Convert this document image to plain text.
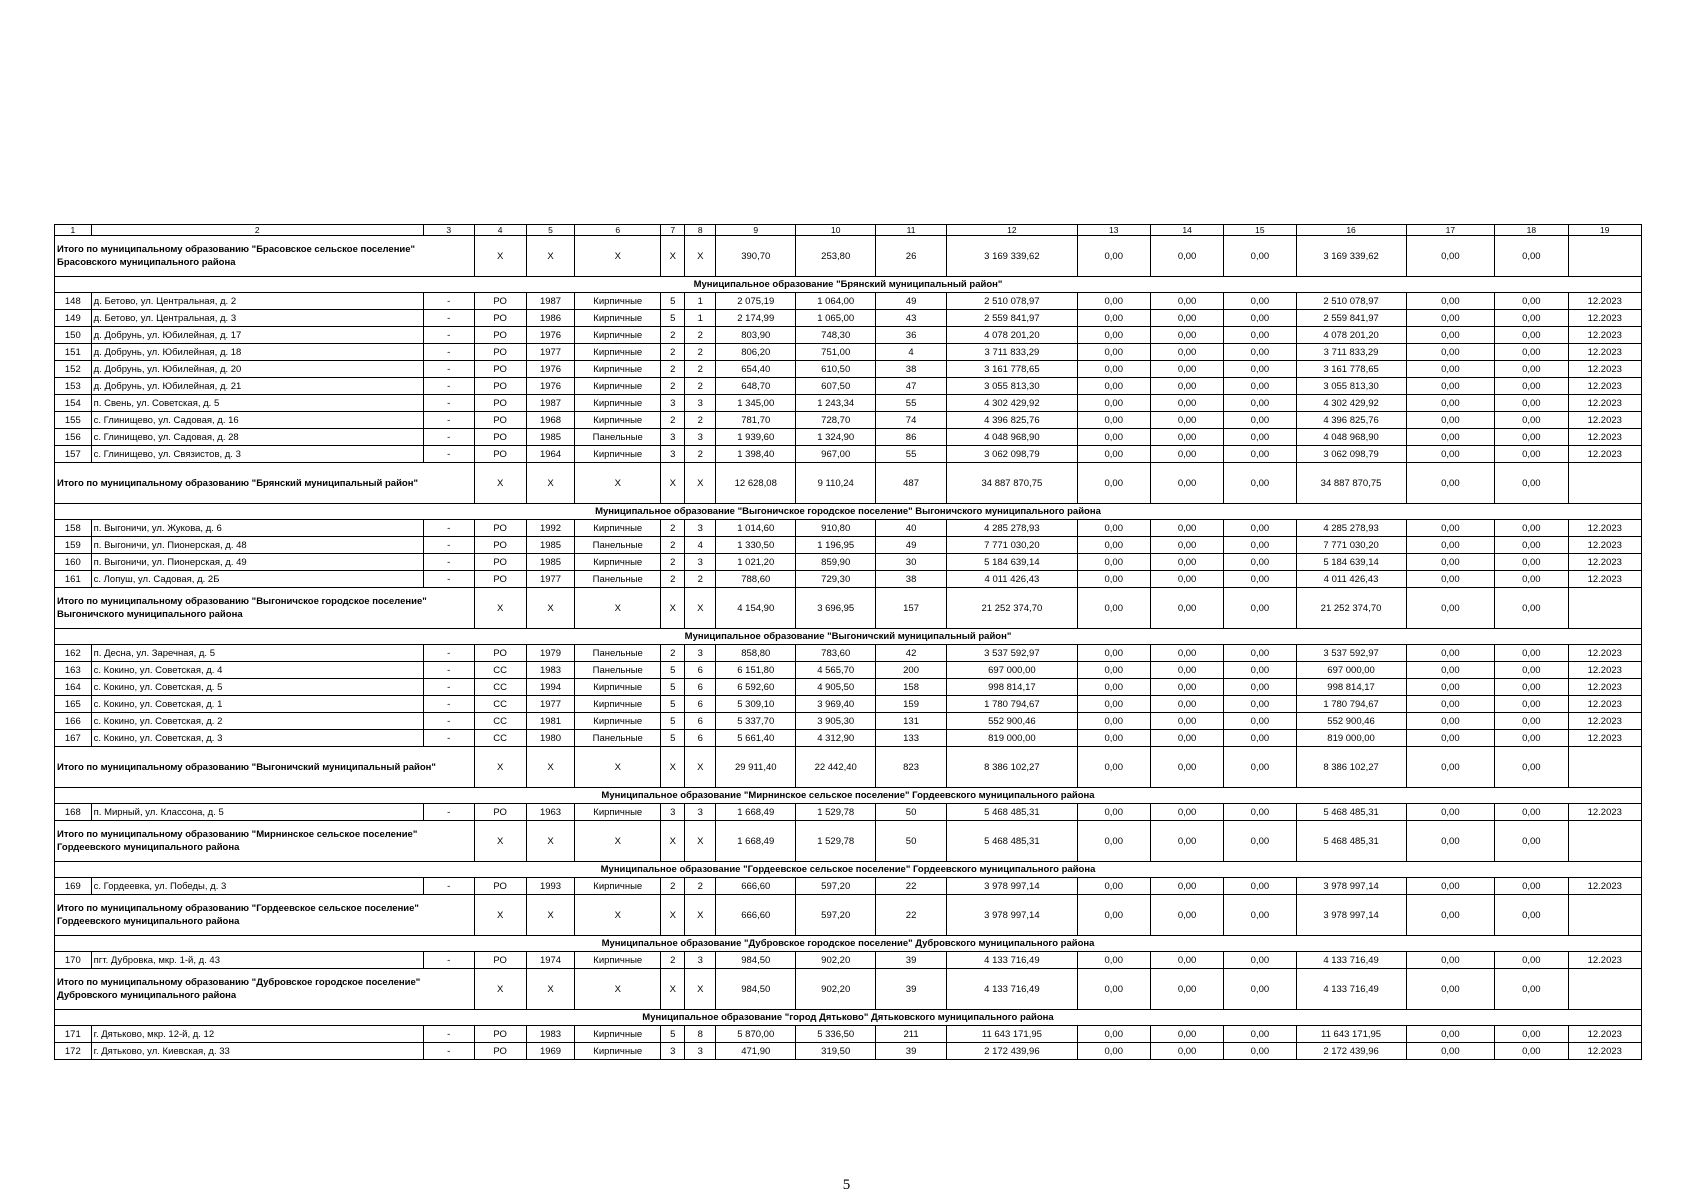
1	2	3	4	5	6	7	8	9	10	11	12	13	14	15	16	17	18	19
Итого по муниципальному образованию "Брасовское сельское поселение" Брасовского муниципального района			X	X	X	X	X	390,70	253,80	26	3 169 339,62	0,00	0,00	0,00	3 169 339,62	0,00	0,00	
Муниципальное образование "Брянский муниципальный район"																		
148	д. Бетово, ул. Центральная, д. 2	-	РО	1987	Кирпичные	5	1	2 075,19	1 064,00	49	2 510 078,97	0,00	0,00	0,00	2 510 078,97	0,00	0,00	12.2023
149	д. Бетово, ул. Центральная, д. 3	-	РО	1986	Кирпичные	5	1	2 174,99	1 065,00	43	2 559 841,97	0,00	0,00	0,00	2 559 841,97	0,00	0,00	12.2023
150	д. Добрунь, ул. Юбилейная, д. 17	-	РО	1976	Кирпичные	2	2	803,90	748,30	36	4 078 201,20	0,00	0,00	0,00	4 078 201,20	0,00	0,00	12.2023
151	д. Добрунь, ул. Юбилейная, д. 18	-	РО	1977	Кирпичные	2	2	806,20	751,00	4	3 711 833,29	0,00	0,00	0,00	3 711 833,29	0,00	0,00	12.2023
152	д. Добрунь, ул. Юбилейная, д. 20	-	РО	1976	Кирпичные	2	2	654,40	610,50	38	3 161 778,65	0,00	0,00	0,00	3 161 778,65	0,00	0,00	12.2023
153	д. Добрунь, ул. Юбилейная, д. 21	-	РО	1976	Кирпичные	2	2	648,70	607,50	47	3 055 813,30	0,00	0,00	0,00	3 055 813,30	0,00	0,00	12.2023
154	п. Свень, ул. Советская, д. 5	-	РО	1987	Кирпичные	3	3	1 345,00	1 243,34	55	4 302 429,92	0,00	0,00	0,00	4 302 429,92	0,00	0,00	12.2023
155	с. Глинищево, ул. Садовая, д. 16	-	РО	1968	Кирпичные	2	2	781,70	728,70	74	4 396 825,76	0,00	0,00	0,00	4 396 825,76	0,00	0,00	12.2023
156	с. Глинищево, ул. Садовая, д. 28	-	РО	1985	Панельные	3	3	1 939,60	1 324,90	86	4 048 968,90	0,00	0,00	0,00	4 048 968,90	0,00	0,00	12.2023
157	с. Глинищево, ул. Связистов, д. 3	-	РО	1964	Кирпичные	3	2	1 398,40	967,00	55	3 062 098,79	0,00	0,00	0,00	3 062 098,79	0,00	0,00	12.2023
Итого по муниципальному образованию "Брянский муниципальный район"			X	X	X	X	X	12 628,08	9 110,24	487	34 887 870,75	0,00	0,00	0,00	34 887 870,75	0,00	0,00	
Муниципальное образование "Выгоничское городское поселение" Выгоничского муниципального района																		
158	п. Выгоничи, ул. Жукова, д. 6	-	РО	1992	Кирпичные	2	3	1 014,60	910,80	40	4 285 278,93	0,00	0,00	0,00	4 285 278,93	0,00	0,00	12.2023
159	п. Выгоничи, ул. Пионерская, д. 48	-	РО	1985	Панельные	2	4	1 330,50	1 196,95	49	7 771 030,20	0,00	0,00	0,00	7 771 030,20	0,00	0,00	12.2023
160	п. Выгоничи, ул. Пионерская, д. 49	-	РО	1985	Кирпичные	2	3	1 021,20	859,90	30	5 184 639,14	0,00	0,00	0,00	5 184 639,14	0,00	0,00	12.2023
161	с. Лопуш, ул. Садовая, д. 2Б	-	РО	1977	Панельные	2	2	788,60	729,30	38	4 011 426,43	0,00	0,00	0,00	4 011 426,43	0,00	0,00	12.2023
Итого по муниципальному образованию "Выгоничское городское поселение" Выгоничского муниципального района			X	X	X	X	X	4 154,90	3 696,95	157	21 252 374,70	0,00	0,00	0,00	21 252 374,70	0,00	0,00	
Муниципальное образование "Выгоничский муниципальный район"																		
162	п. Десна, ул. Заречная, д. 5	-	РО	1979	Панельные	2	3	858,80	783,60	42	3 537 592,97	0,00	0,00	0,00	3 537 592,97	0,00	0,00	12.2023
163	с. Кокино, ул. Советская, д. 4	-	СС	1983	Панельные	5	6	6 151,80	4 565,70	200	697 000,00	0,00	0,00	0,00	697 000,00	0,00	0,00	12.2023
164	с. Кокино, ул. Советская, д. 5	-	СС	1994	Кирпичные	5	6	6 592,60	4 905,50	158	998 814,17	0,00	0,00	0,00	998 814,17	0,00	0,00	12.2023
165	с. Кокино, ул. Советская, д. 1	-	СС	1977	Кирпичные	5	6	5 309,10	3 969,40	159	1 780 794,67	0,00	0,00	0,00	1 780 794,67	0,00	0,00	12.2023
166	с. Кокино, ул. Советская, д. 2	-	СС	1981	Кирпичные	5	6	5 337,70	3 905,30	131	552 900,46	0,00	0,00	0,00	552 900,46	0,00	0,00	12.2023
167	с. Кокино, ул. Советская, д. 3	-	СС	1980	Панельные	5	6	5 661,40	4 312,90	133	819 000,00	0,00	0,00	0,00	819 000,00	0,00	0,00	12.2023
Итого по муниципальному образованию "Выгоничский муниципальный район"			X	X	X	X	X	29 911,40	22 442,40	823	8 386 102,27	0,00	0,00	0,00	8 386 102,27	0,00	0,00	
Муниципальное образование "Мирнинское сельское поселение" Гордеевского муниципального района																		
168	п. Мирный, ул. Классона, д. 5	-	РО	1963	Кирпичные	3	3	1 668,49	1 529,78	50	5 468 485,31	0,00	0,00	0,00	5 468 485,31	0,00	0,00	12.2023
Итого по муниципальному образованию "Мирнинское сельское поселение" Гордеевского муниципального района			X	X	X	X	X	1 668,49	1 529,78	50	5 468 485,31	0,00	0,00	0,00	5 468 485,31	0,00	0,00	
Муниципальное образование "Гордеевское сельское поселение" Гордеевского муниципального района																		
169	с. Гордеевка, ул. Победы, д. 3	-	РО	1993	Кирпичные	2	2	666,60	597,20	22	3 978 997,14	0,00	0,00	0,00	3 978 997,14	0,00	0,00	12.2023
Итого по муниципальному образованию "Гордеевское сельское поселение" Гордеевского муниципального района			X	X	X	X	X	666,60	597,20	22	3 978 997,14	0,00	0,00	0,00	3 978 997,14	0,00	0,00	
Муниципальное образование "Дубровское городское поселение" Дубровского муниципального района																		
170	пгт. Дубровка, мкр. 1-й, д. 43	-	РО	1974	Кирпичные	2	3	984,50	902,20	39	4 133 716,49	0,00	0,00	0,00	4 133 716,49	0,00	0,00	12.2023
Итого по муниципальному образованию "Дубровское городское поселение" Дубровского муниципального района			X	X	X	X	X	984,50	902,20	39	4 133 716,49	0,00	0,00	0,00	4 133 716,49	0,00	0,00	
Муниципальное образование "город Дятьково" Дятьковского муниципального района																		
171	г. Дятьково, мкр. 12-й, д. 12	-	РО	1983	Кирпичные	5	8	5 870,00	5 336,50	211	11 643 171,95	0,00	0,00	0,00	11 643 171,95	0,00	0,00	12.2023
172	г. Дятьково, ул. Киевская, д. 33	-	РО	1969	Кирпичные	3	3	471,90	319,50	39	2 172 439,96	0,00	0,00	0,00	2 172 439,96	0,00	0,00	12.2023
5
